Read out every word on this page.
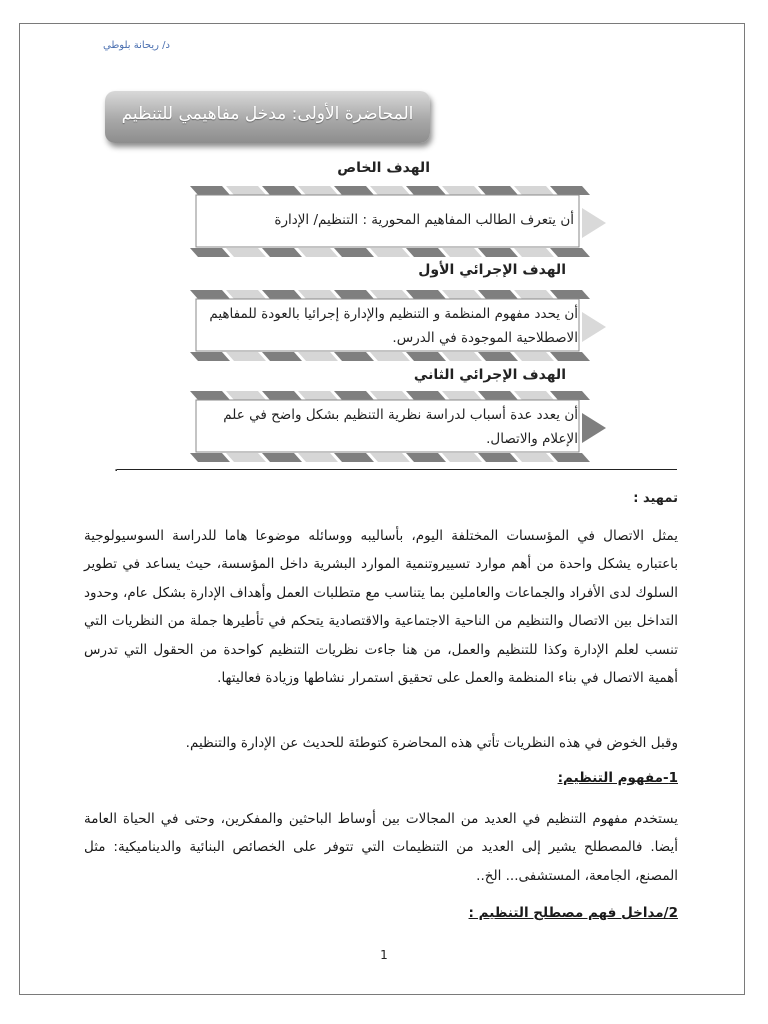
د/ ريحانة بلوطي
المحاضرة الأولى: مدخل مفاهيمي للتنظيم
الهدف الخاص
أن يتعرف الطالب المفاهيم المحورية : التنظيم/ الإدارة
الهدف الإجرائي الأول
أن يحدد مفهوم المنظمة و التنظيم والإدارة إجرائيا بالعودة للمفاهيم الاصطلاحية الموجودة في الدرس.
الهدف الإجرائي الثاني
أن يعدد عدة أسباب لدراسة نظرية التنظيم بشكل واضح في علم الإعلام والاتصال.
.
تمهيد :
يمثل الاتصال في المؤسسات المختلفة اليوم، بأساليبه ووسائله موضوعا هاما للدراسة السوسيولوجية باعتباره يشكل واحدة من أهم موارد تسييروتنمية الموارد البشرية داخل المؤسسة، حيث يساعد في تطوير السلوك لدى الأفراد والجماعات والعاملين بما يتناسب مع متطلبات العمل وأهداف الإدارة بشكل عام، وحدود التداخل بين الاتصال والتنظيم من الناحية الاجتماعية والاقتصادية يتحكم في تأطيرها جملة من النظريات التي تنسب لعلم الإدارة وكذا للتنظيم والعمل، من هنا جاءت نظريات التنظيم كواحدة من الحقول التي تدرس أهمية الاتصال في بناء المنظمة والعمل على تحقيق استمرار نشاطها وزيادة فعاليتها.
وقبل الخوض في هذه النظريات تأتي هذه المحاضرة كتوطئة للحديث عن الإدارة والتنظيم.
1-مفهوم التنظيم:
يستخدم مفهوم التنظيم في العديد من المجالات بين أوساط الباحثين والمفكرين، وحتى في الحياة العامة أيضا. فالمصطلح يشير إلى العديد من التنظيمات التي تتوفر على الخصائص البنائية والديناميكية: مثل المصنع، الجامعة، المستشفى... الخ..
2/مداخل فهم مصطلح التنظيم :
1
